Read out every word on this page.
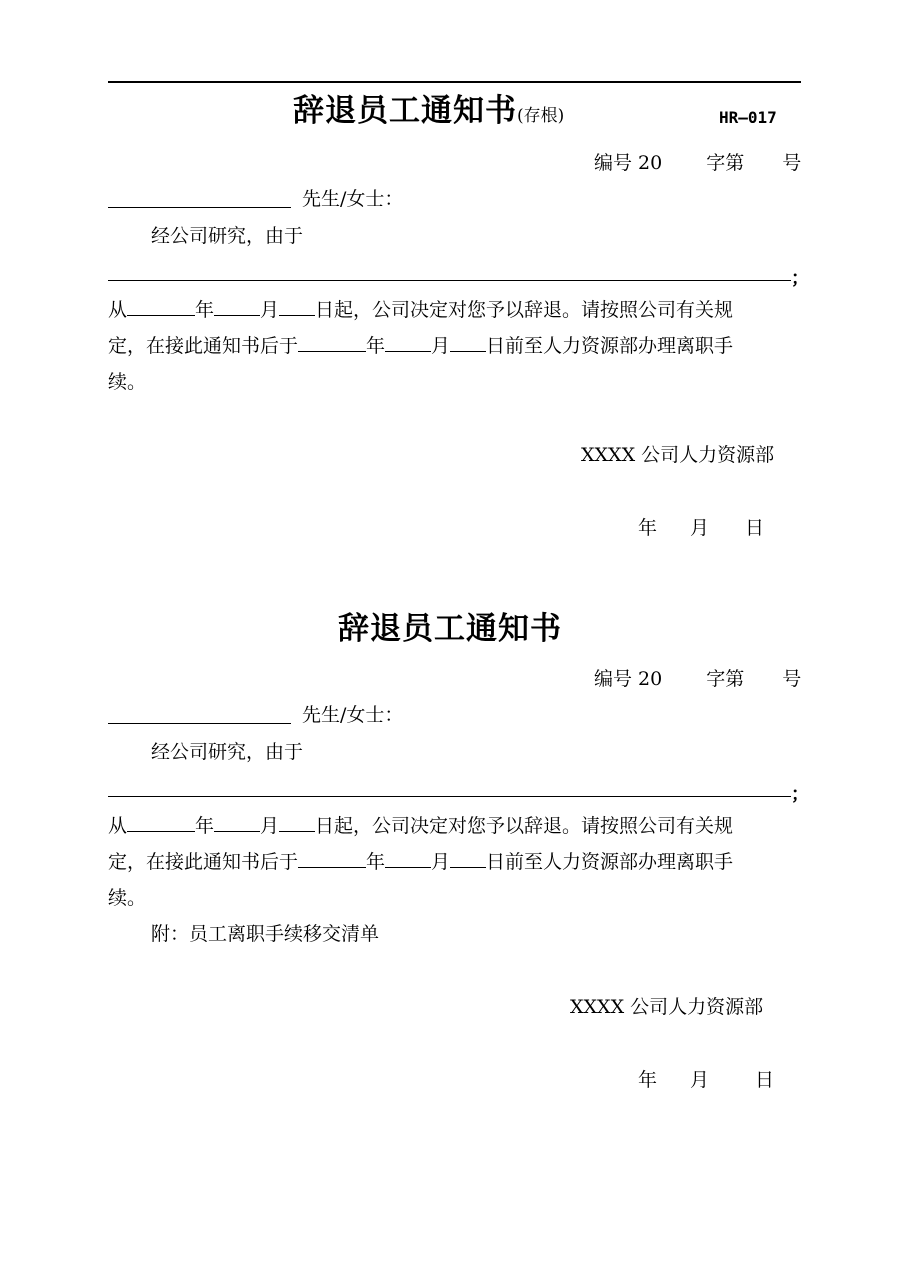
辞退员工通知书(存根)	HR—017
编号 20 字第 号
先生/女士：
经公司研究，由于
；
从	年 月 日起，公司决定对您予以辞退。请按照公司有关规
定，在接此通知书后于	年 月 日前至人力资源部办理离职手
续。
XXXX 公司人力资源部
年 月 日
辞退员工通知书
编号 20 字第 号
先生/女士：
经公司研究，由于
；
从	年 月 日起，公司决定对您予以辞退。请按照公司有关规
定，在接此通知书后于	年 月 日前至人力资源部办理离职手
续。
附：员工离职手续移交清单
XXXX 公司人力资源部
年 月 日
